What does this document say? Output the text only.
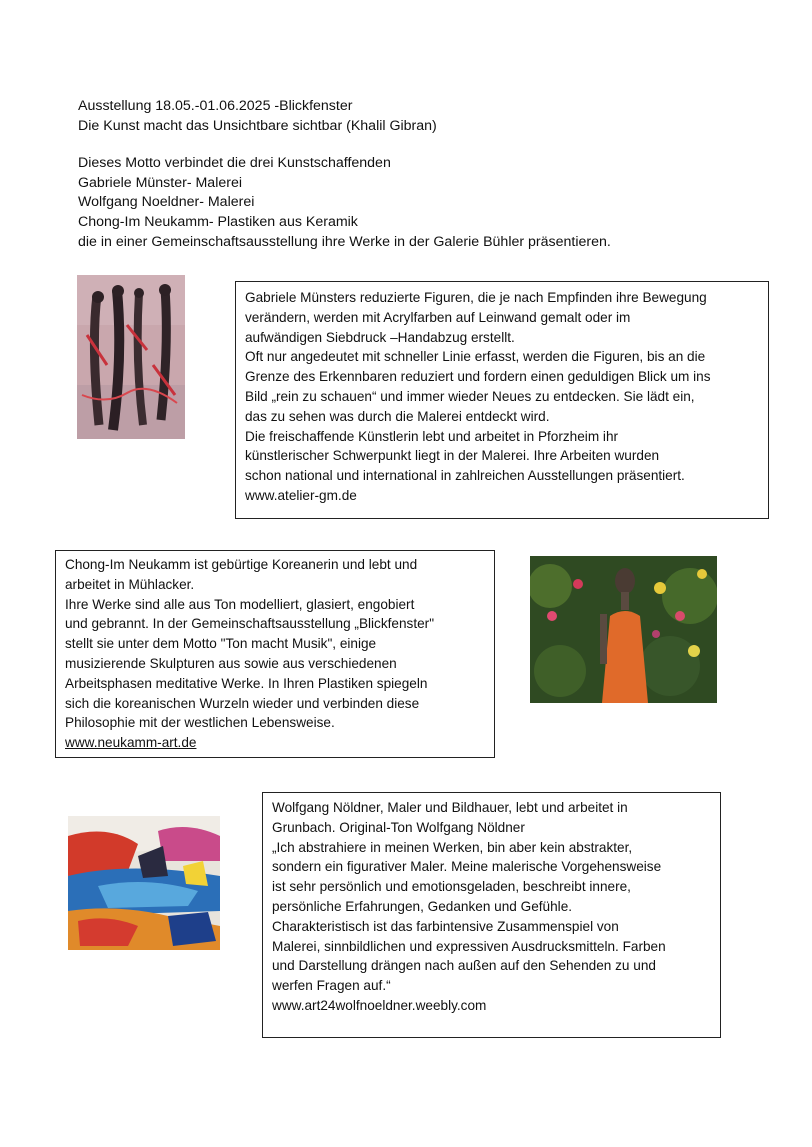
Ausstellung 18.05.-01.06.2025 -Blickfenster
Die Kunst macht das Unsichtbare sichtbar (Khalil Gibran)
Dieses Motto verbindet die drei Kunstschaffenden
Gabriele Münster- Malerei
Wolfgang Noeldner- Malerei
Chong-Im Neukamm- Plastiken aus Keramik
die in einer Gemeinschaftsausstellung ihre Werke in der Galerie Bühler präsentieren.

Gabriele Münsters reduzierte Figuren, die je nach Empfinden ihre Bewegung

verändern, werden mit Acrylfarben auf Leinwand gemalt oder im

aufwändigen Siebdruck –Handabzug erstellt.

Oft nur angedeutet mit schneller Linie erfasst, werden die Figuren, bis an die

Grenze des Erkennbaren reduziert und fordern einen geduldigen Blick um ins

Bild „rein zu schauen“ und immer wieder Neues zu entdecken. Sie lädt ein,

das zu sehen was durch die Malerei entdeckt wird.

Die freischaffende Künstlerin lebt und arbeitet in Pforzheim ihr

künstlerischer Schwerpunkt liegt in der Malerei. Ihre Arbeiten wurden

schon national und international in zahlreichen Ausstellungen präsentiert.

www.atelier-gm.de

Chong-Im Neukamm ist gebürtige Koreanerin und lebt und

arbeitet in Mühlacker.

Ihre Werke sind alle aus Ton modelliert, glasiert, engobiert

und gebrannt. In der Gemeinschaftsausstellung „Blickfenster"

stellt sie unter dem Motto "Ton macht Musik", einige

musizierende Skulpturen aus sowie aus verschiedenen

Arbeitsphasen meditative Werke. In Ihren Plastiken spiegeln

sich die koreanischen Wurzeln wieder und verbinden diese

Philosophie mit der westlichen Lebensweise.

www.neukamm-art.de

Wolfgang Nöldner, Maler und Bildhauer, lebt und arbeitet in

Grunbach. Original-Ton Wolfgang Nöldner

„Ich abstrahiere in meinen Werken, bin aber kein abstrakter,

sondern ein figurativer Maler. Meine malerische Vorgehensweise

ist sehr persönlich und emotionsgeladen, beschreibt innere,

persönliche Erfahrungen, Gedanken und Gefühle.

Charakteristisch ist das farbintensive Zusammenspiel von

Malerei, sinnbildlichen und expressiven Ausdrucksmitteln. Farben

und Darstellung drängen nach außen auf den Sehenden zu und

werfen Fragen auf.“

www.art24wolfnoeldner.weebly.com
